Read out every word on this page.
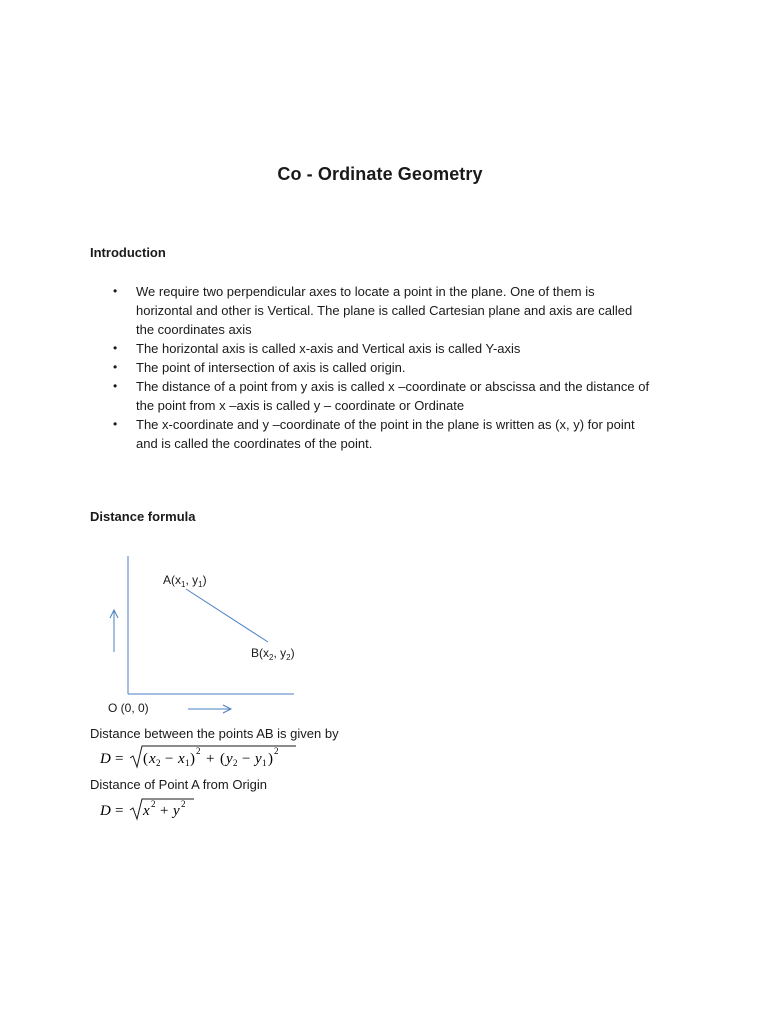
Co - Ordinate Geometry
Introduction
• We require two perpendicular axes to locate a point in the plane. One of them is
horizontal and other is Vertical. The plane is called Cartesian plane and axis are called
the coordinates axis
• The horizontal axis is called x-axis and Vertical axis is called Y-axis
• The point of intersection of axis is called origin.
• The distance of a point from y axis is called x –coordinate or abscissa and the distance of
the point from x –axis is called y – coordinate or Ordinate
• The x-coordinate and y –coordinate of the point in the plane is written as (x, y) for point
and is called the coordinates of the point.
Distance formula
$A(x_1$, $y_1$)
$B(x_2$, $y_2$)
O (0, 0)
Distance between the points AB is given by
D = ( x 2 − x 1 ) 2 + ( y 2 − y 1 ) 2
Distance of Point A from Origin
D = x 2 + y 2
